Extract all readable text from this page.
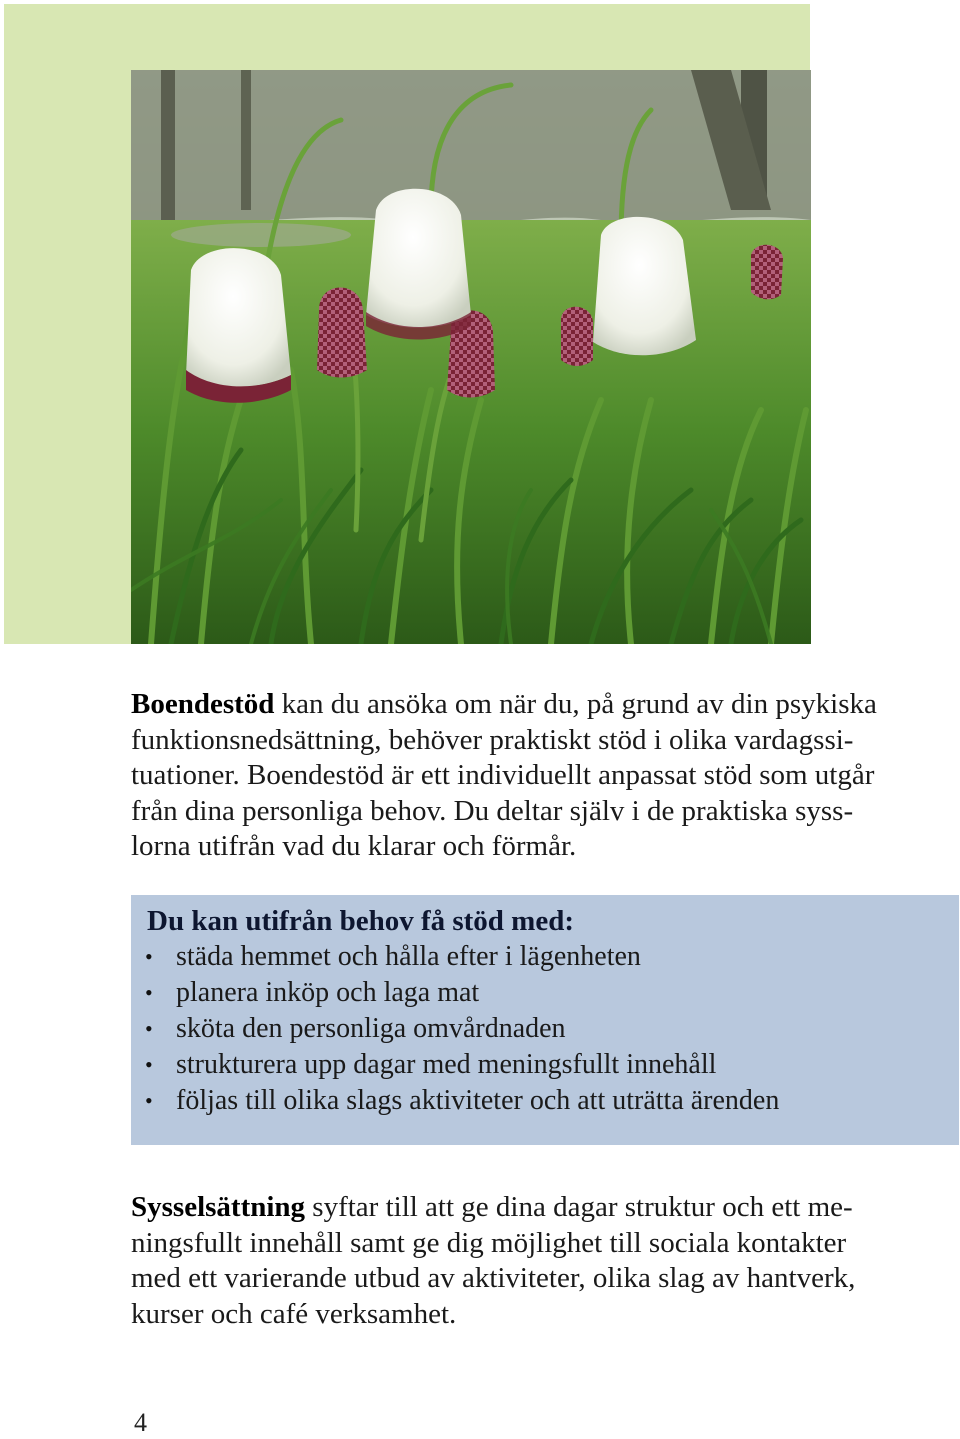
Boendestöd kan du ansöka om när du, på grund av din psykiska
funktionsnedsättning, behöver praktiskt stöd i olika vardagssi-
tuationer. Boendestöd är ett individuellt anpassat stöd som utgår
från dina personliga behov. Du deltar själv i de praktiska syss-
lorna utifrån vad du klarar och förmår.

Du kan utifrån behov få stöd med:
• städa hemmet och hålla efter i lägenheten
• planera inköp och laga mat
• sköta den personliga omvårdnaden
• strukturera upp dagar med meningsfullt innehåll
• följas till olika slags aktiviteter och att uträtta ärenden

Sysselsättning syftar till att ge dina dagar struktur och ett me-
ningsfullt innehåll samt ge dig möjlighet till sociala kontakter
med ett varierande utbud av aktiviteter, olika slag av hantverk,
kurser och café verksamhet.

4
